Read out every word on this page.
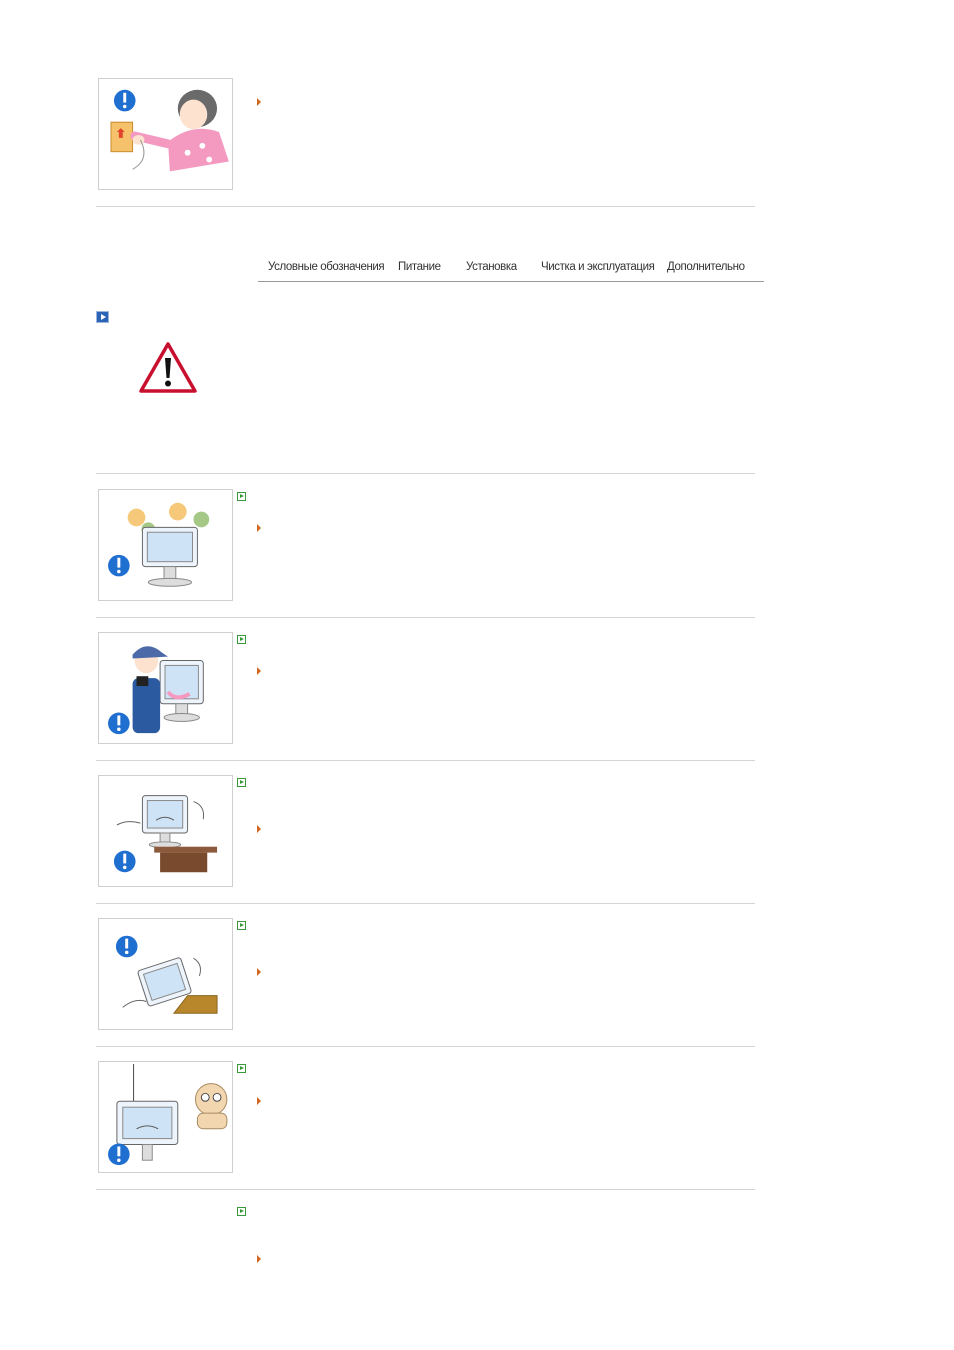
Условные обозначения Питание Установка Чистка и эксплуатация Дополнительно
